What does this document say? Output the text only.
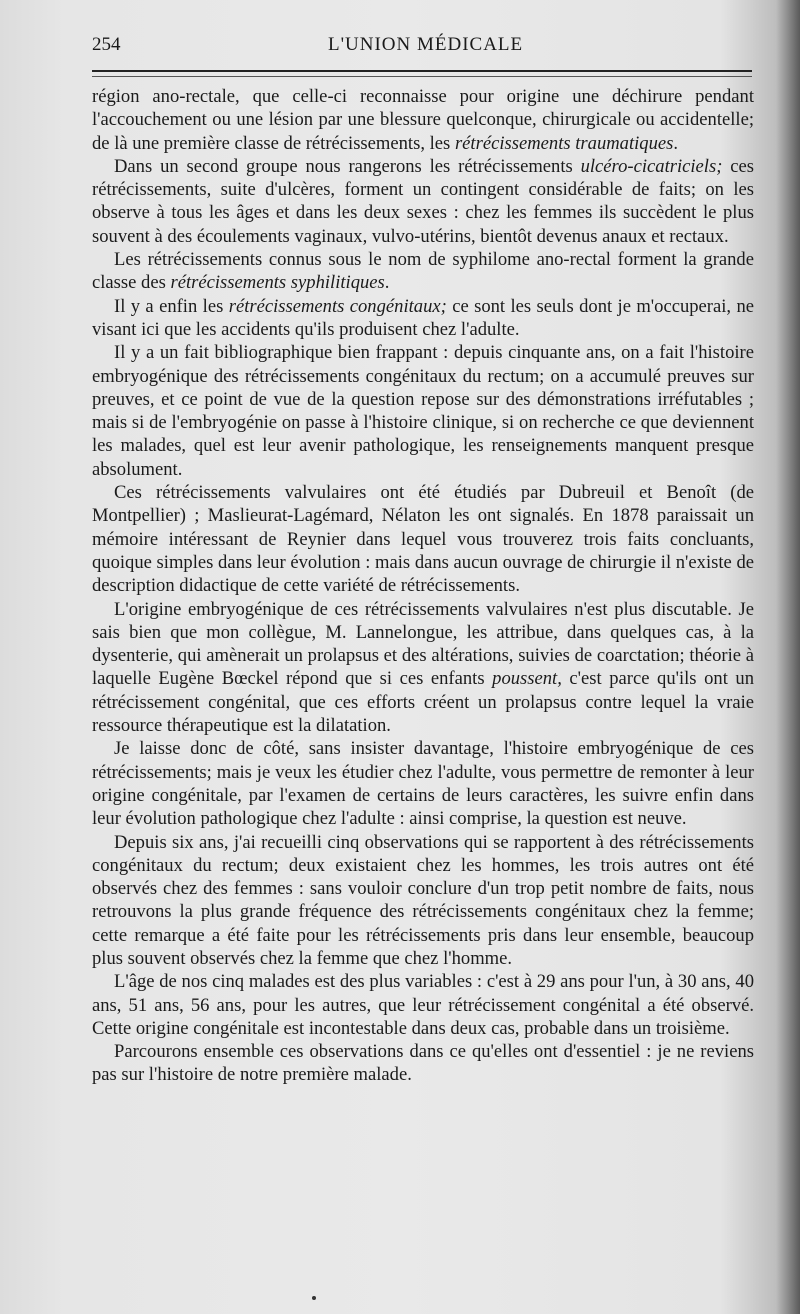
254	L'UNION MÉDICALE

région ano-rectale, que celle-ci reconnaisse pour origine une déchirure pendant l'accouchement ou une lésion par une blessure quelconque, chirurgicale ou accidentelle; de là une première classe de rétrécissements, les rétrécissements traumatiques.

Dans un second groupe nous rangerons les rétrécissements ulcéro-cicatriciels; ces rétrécissements, suite d'ulcères, forment un contingent considérable de faits; on les observe à tous les âges et dans les deux sexes : chez les femmes ils succèdent le plus souvent à des écoulements vaginaux, vulvo-utérins, bientôt devenus anaux et rectaux.

Les rétrécissements connus sous le nom de syphilome ano-rectal forment la grande classe des rétrécissements syphilitiques.

Il y a enfin les rétrécissements congénitaux; ce sont les seuls dont je m'occuperai, ne visant ici que les accidents qu'ils produisent chez l'adulte.

Il y a un fait bibliographique bien frappant : depuis cinquante ans, on a fait l'histoire embryogénique des rétrécissements congénitaux du rectum; on a accumulé preuves sur preuves, et ce point de vue de la question repose sur des démonstrations irréfutables ; mais si de l'embryogénie on passe à l'histoire clinique, si on recherche ce que deviennent les malades, quel est leur avenir pathologique, les renseignements manquent presque absolument.

Ces rétrécissements valvulaires ont été étudiés par Dubreuil et Benoît (de Montpellier) ; Maslieurat-Lagémard, Nélaton les ont signalés. En 1878 paraissait un mémoire intéressant de Reynier dans lequel vous trouverez trois faits concluants, quoique simples dans leur évolution : mais dans aucun ouvrage de chirurgie il n'existe de description didactique de cette variété de rétrécissements.

L'origine embryogénique de ces rétrécissements valvulaires n'est plus discutable. Je sais bien que mon collègue, M. Lannelongue, les attribue, dans quelques cas, à la dysenterie, qui amènerait un prolapsus et des altérations, suivies de coarctation; théorie à laquelle Eugène Bœckel répond que si ces enfants poussent, c'est parce qu'ils ont un rétrécissement congénital, que ces efforts créent un prolapsus contre lequel la vraie ressource thérapeutique est la dilatation.

Je laisse donc de côté, sans insister davantage, l'histoire embryogénique de ces rétrécissements; mais je veux les étudier chez l'adulte, vous permettre de remonter à leur origine congénitale, par l'examen de certains de leurs caractères, les suivre enfin dans leur évolution pathologique chez l'adulte : ainsi comprise, la question est neuve.

Depuis six ans, j'ai recueilli cinq observations qui se rapportent à des rétrécissements congénitaux du rectum; deux existaient chez les hommes, les trois autres ont été observés chez des femmes : sans vouloir conclure d'un trop petit nombre de faits, nous retrouvons la plus grande fréquence des rétrécissements congénitaux chez la femme; cette remarque a été faite pour les rétrécissements pris dans leur ensemble, beaucoup plus souvent observés chez la femme que chez l'homme.

L'âge de nos cinq malades est des plus variables : c'est à 29 ans pour l'un, à 30 ans, 40 ans, 51 ans, 56 ans, pour les autres, que leur rétrécissement congénital a été observé. Cette origine congénitale est incontestable dans deux cas, probable dans un troisième.

Parcourons ensemble ces observations dans ce qu'elles ont d'essentiel : je ne reviens pas sur l'histoire de notre première malade.
